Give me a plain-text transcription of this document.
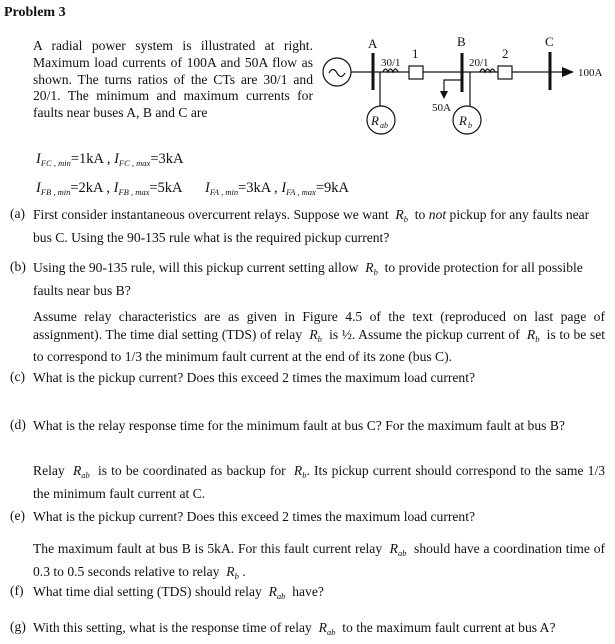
Problem 3
A radial power system is illustrated at right. Maximum load currents of 100A and 50A flow as shown. The turns ratios of the CTs are 30/1 and 20/1. The minimum and maximum currents for faults near buses A, B and C are
$I_{FC , min}=1kA$ , $I_{FC , max}=3kA$
$I_{FB , min}=2kA$ , $I_{FB , max}=5kA$ $I_{FA , min}=3kA$ , $I_{FA , max}=9kA$
A	B	C
1	2
30/1	20/1
50A
100A
R ab	R b
(a) First consider instantaneous overcurrent relays. Suppose we want $R_b$ to not pickup for any faults near bus C. Using the 90-135 rule what is the required pickup current?
(b) Using the 90-135 rule, will this pickup current setting allow $R_b$ to provide protection for all possible faults near bus B?
Assume relay characteristics are as given in Figure 4.5 of the text (reproduced on last page of assignment). The time dial setting (TDS) of relay $R_b$ is ½. Assume the pickup current of $R_b$ is to be set to correspond to 1/3 the minimum fault current at the end of its zone (bus C).
(c) What is the pickup current? Does this exceed 2 times the maximum load current?
(d) What is the relay response time for the minimum fault at bus C? For the maximum fault at bus B?
Relay $R_{ab}$ is to be coordinated as backup for $R_b$. Its pickup current should correspond to the same 1/3 the minimum fault current at C.
(e) What is the pickup current? Does this exceed 2 times the maximum load current?
The maximum fault at bus B is 5kA. For this fault current relay $R_{ab}$ should have a coordination time of 0.3 to 0.5 seconds relative to relay $R_b$ .
(f) What time dial setting (TDS) should relay $R_{ab}$ have?
(g) With this setting, what is the response time of relay $R_{ab}$ to the maximum fault current at bus A?
